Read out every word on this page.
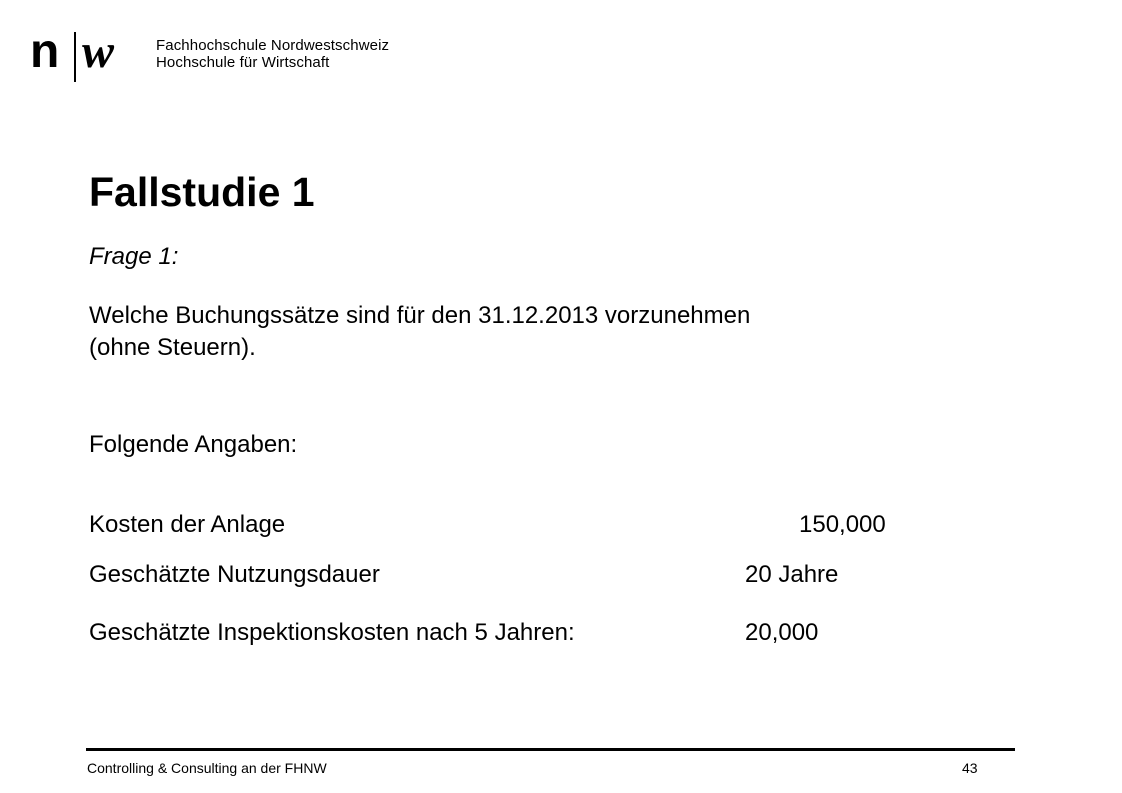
n w	Fachhochschule Nordwestschweiz
Hochschule für Wirtschaft
Fallstudie 1
Frage 1:
Welche Buchungssätze sind für den 31.12.2013 vorzunehmen
(ohne Steuern).
Folgende Angaben:
Kosten der Anlage	150,000
Geschätzte Nutzungsdauer	20 Jahre
Geschätzte Inspektionskosten nach 5 Jahren:	20,000
Controlling & Consulting an der FHNW	43
